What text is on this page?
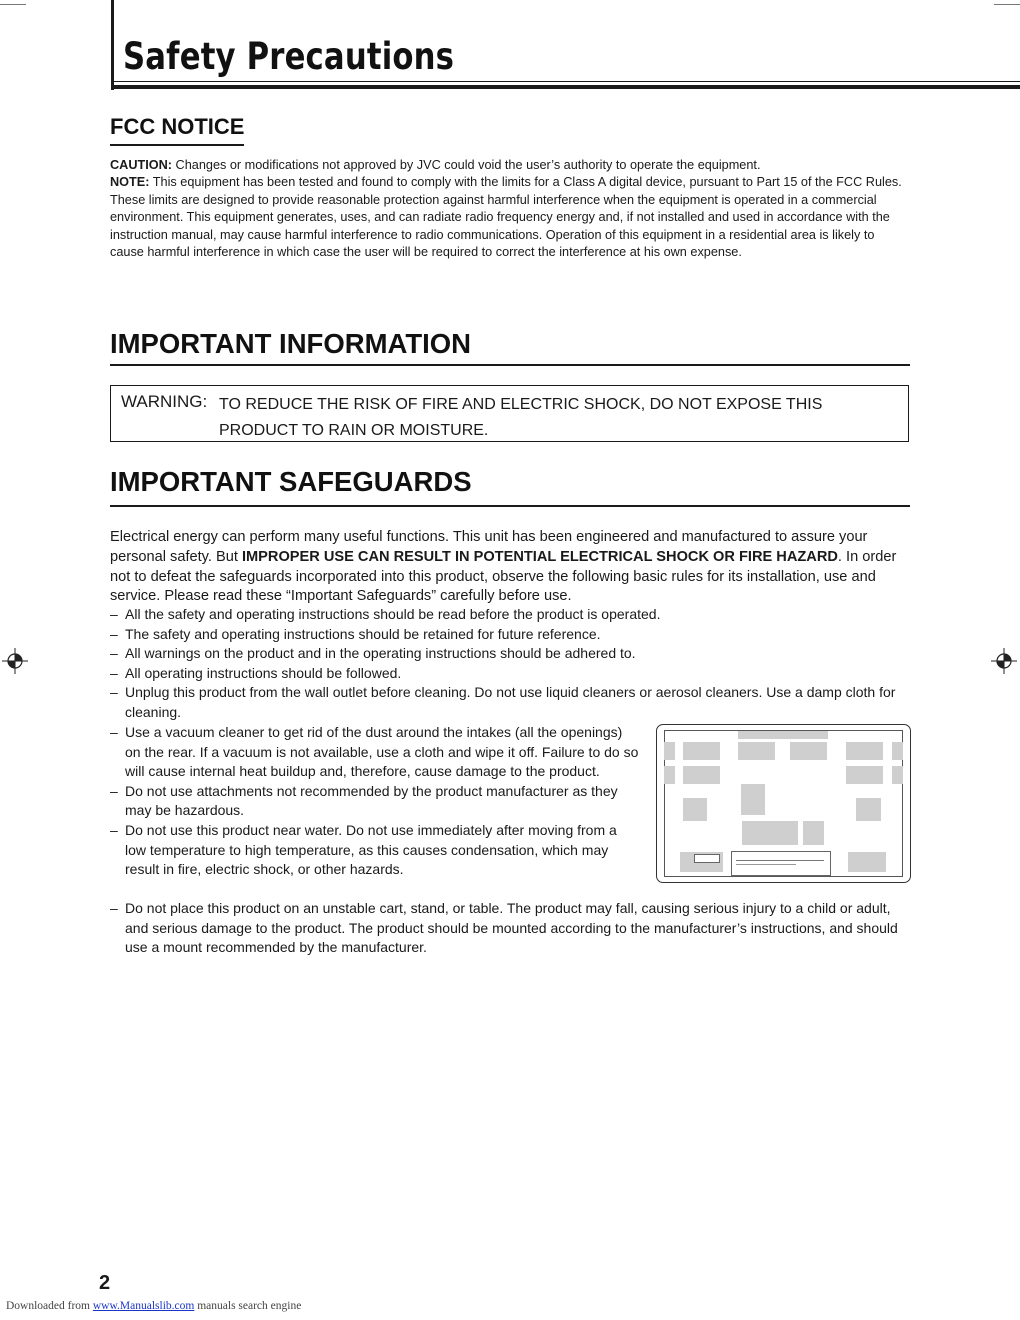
Safety Precautions
FCC NOTICE

CAUTION: Changes or modifications not approved by JVC could void the user’s authority to operate the equipment.

NOTE: This equipment has been tested and found to comply with the limits for a Class A digital device, pursuant to Part 15 of the FCC Rules. These limits are designed to provide reasonable protection against harmful interference when the equipment is operated in a commercial environment. This equipment generates, uses, and can radiate radio frequency energy and, if not installed and used in accordance with the instruction manual, may cause harmful interference to radio communications. Operation of this equipment in a residential area is likely to cause harmful interference in which case the user will be required to correct the interference at his own expense.

IMPORTANT INFORMATION
WARNING: TO REDUCE THE RISK OF FIRE AND ELECTRIC SHOCK, DO NOT EXPOSE THIS PRODUCT TO RAIN OR MOISTURE.
IMPORTANT SAFEGUARDS

Electrical energy can perform many useful functions. This unit has been engineered and manufactured to assure your personal safety. But IMPROPER USE CAN RESULT IN POTENTIAL ELECTRICAL SHOCK OR FIRE HAZARD. In order not to defeat the safeguards incorporated into this product, observe the following basic rules for its installation, use and service. Please read these “Important Safeguards” carefully before use.

– All the safety and operating instructions should be read before the product is operated.
– The safety and operating instructions should be retained for future reference.
– All warnings on the product and in the operating instructions should be adhered to.
– All operating instructions should be followed.
– Unplug this product from the wall outlet before cleaning. Do not use liquid cleaners or aerosol cleaners. Use a damp cloth for cleaning.
– Use a vacuum cleaner to get rid of the dust around the intakes (all the openings) on the rear. If a vacuum is not available, use a cloth and wipe it off. Failure to do so will cause internal heat buildup and, therefore, cause damage to the product.
– Do not use attachments not recommended by the product manufacturer as they may be hazardous.
– Do not use this product near water. Do not use immediately after moving from a low temperature to high temperature, as this causes condensation, which may result in fire, electric shock, or other hazards.
– Do not place this product on an unstable cart, stand, or table. The product may fall, causing serious injury to a child or adult, and serious damage to the product. The product should be mounted according to the manufacturer’s instructions, and should use a mount recommended by the manufacturer.
2
Downloaded from www.Manualslib.com manuals search engine
